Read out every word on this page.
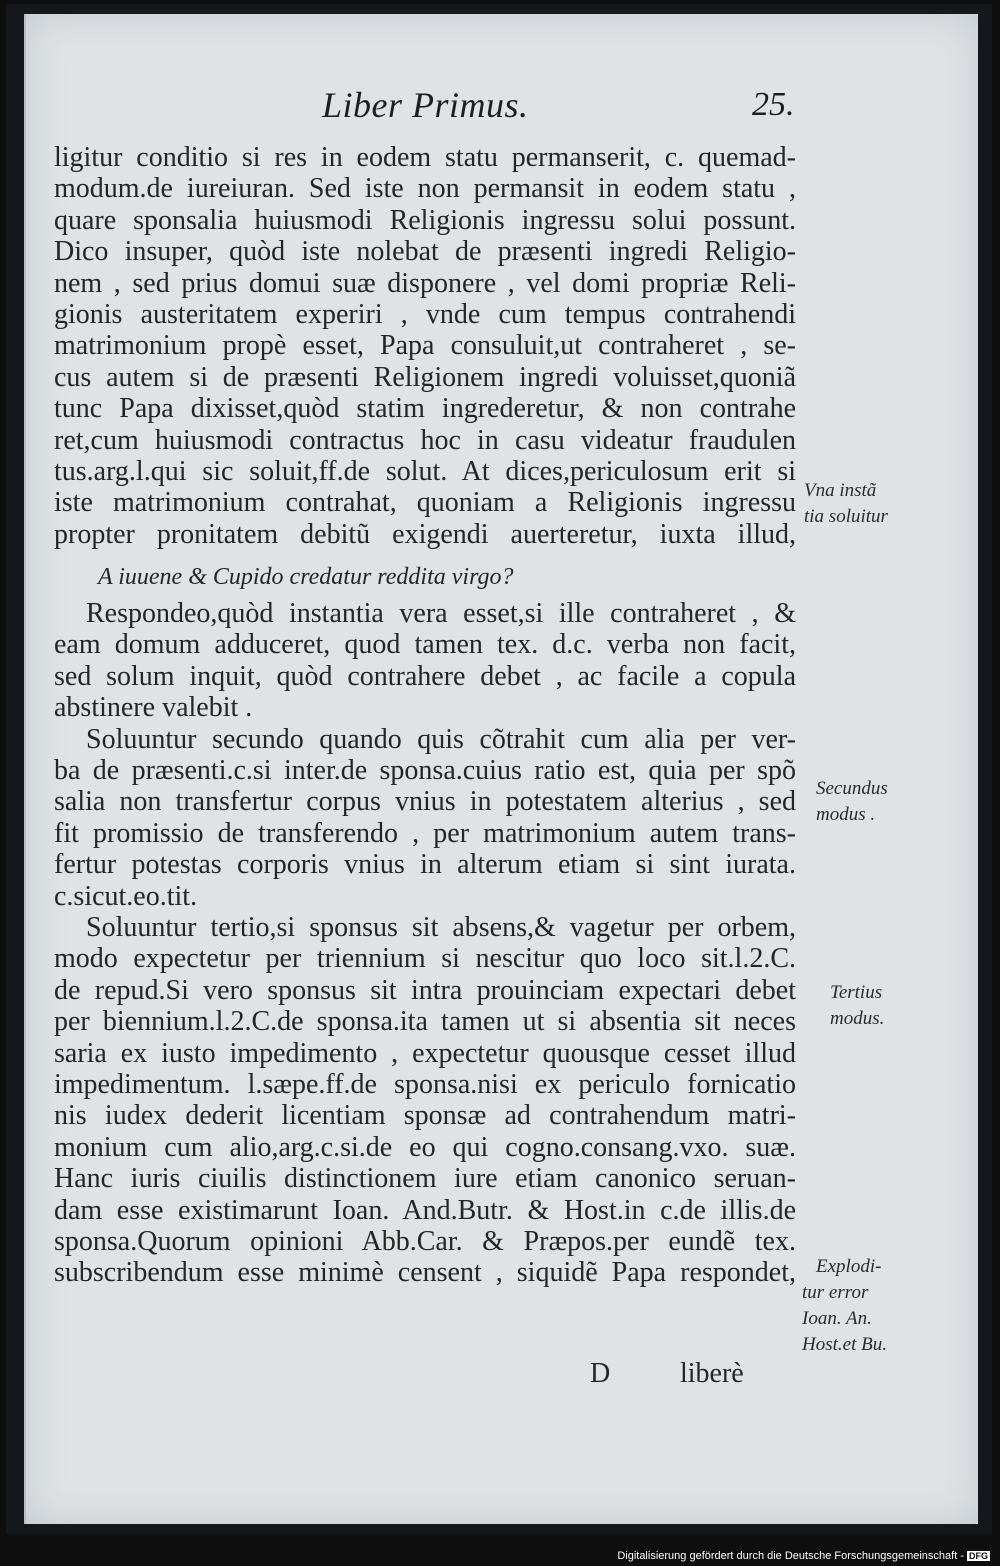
Liber Primus.	25.
ligitur conditio si res in eodem statu permanserit, c. quemad-
modum.de iureiuran. Sed iste non permansit in eodem statu ,
quare sponsalia huiusmodi Religionis ingressu solui possunt.
Dico insuper, quòd iste nolebat de præsenti ingredi Religio-
nem , sed prius domui suæ disponere , vel domi propriæ Reli-
gionis austeritatem experiri , vnde cum tempus contrahendi
matrimonium propè esset, Papa consuluit,ut contraheret , se-
cus autem si de præsenti Religionem ingredi voluisset,quoniã
tunc Papa dixisset,quòd statim ingrederetur, & non contrahe
ret,cum huiusmodi contractus hoc in casu videatur fraudulen
tus.arg.l.qui sic soluit,ff.de solut. At dices,periculosum erit si
iste matrimonium contrahat, quoniam a Religionis ingressu
propter pronitatem debitũ exigendi auerteretur, iuxta illud,
A iuuene & Cupido credatur reddita virgo?
Respondeo,quòd instantia vera esset,si ille contraheret , &
eam domum adduceret, quod tamen tex. d.c. verba non facit,
sed solum inquit, quòd contrahere debet , ac facile a copula
abstinere valebit .
Soluuntur secundo quando quis cõtrahit cum alia per ver-
ba de præsenti.c.si inter.de sponsa.cuius ratio est, quia per spõ
salia non transfertur corpus vnius in potestatem alterius , sed
fit promissio de transferendo , per matrimonium autem trans-
fertur potestas corporis vnius in alterum etiam si sint iurata.
c.sicut.eo.tit.
Soluuntur tertio,si sponsus sit absens,& vagetur per orbem,
modo expectetur per triennium si nescitur quo loco sit.l.2.C.
de repud.Si vero sponsus sit intra prouinciam expectari debet
per biennium.l.2.C.de sponsa.ita tamen ut si absentia sit neces
saria ex iusto impedimento , expectetur quousque cesset illud
impedimentum. l.sæpe.ff.de sponsa.nisi ex periculo fornicatio
nis iudex dederit licentiam sponsæ ad contrahendum matri-
monium cum alio,arg.c.si.de eo qui cogno.consang.vxo. suæ.
Hanc iuris ciuilis distinctionem iure etiam canonico seruan-
dam esse existimarunt Ioan. And.Butr. & Host.in c.de illis.de
sponsa.Quorum opinioni Abb.Car. & Præpos.per eundẽ tex.
subscribendum esse minimè censent , siquidẽ Papa respondet,
Vna instã
tia soluitur
Secundus
modus .
Tertius
modus.
Explodi-
tur error
Ioan. An.
Host.et Bu.
D liberè
Digitalisierung gefördert durch die Deutsche Forschungsgemeinschaft - DFG
